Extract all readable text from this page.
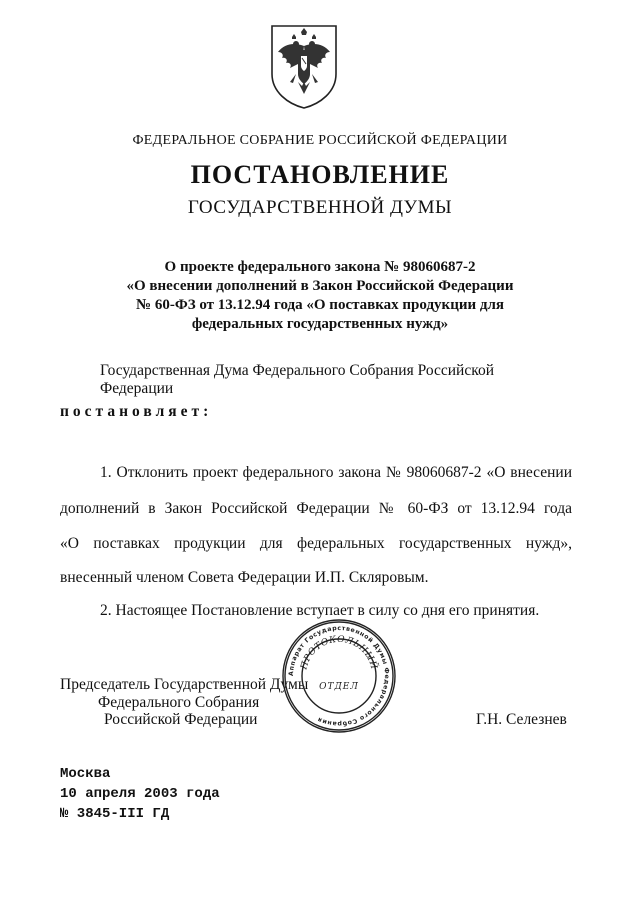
ФЕДЕРАЛЬНОЕ СОБРАНИЕ РОССИЙСКОЙ ФЕДЕРАЦИИ
ПОСТАНОВЛЕНИЕ
ГОСУДАРСТВЕННОЙ ДУМЫ
О проекте федерального закона № 98060687-2
«О внесении дополнений в Закон Российской Федерации
№ 60-ФЗ от 13.12.94 года «О поставках продукции для
федеральных государственных нужд»
Государственная Дума Федерального Собрания Российской Федерации
постановляет:
1. Отклонить проект федерального закона № 98060687-2 «О внесении
дополнений в Закон Российской Федерации № 60-ФЗ от 13.12.94 года
«О поставках продукции для федеральных государственных нужд»,
внесенный членом Совета Федерации И.П. Скляровым.
2. Настоящее Постановление вступает в силу со дня его принятия.
Председатель Государственной Думы
Федерального Собрания
Российской Федерации	Г.Н. Селезнев
Аппарат Государственной Думы Федерального Собрания
ПРОТОКОЛЬНЫЙ
ОТДЕЛ
Москва
10 апреля 2003 года
№ 3845-III ГД
